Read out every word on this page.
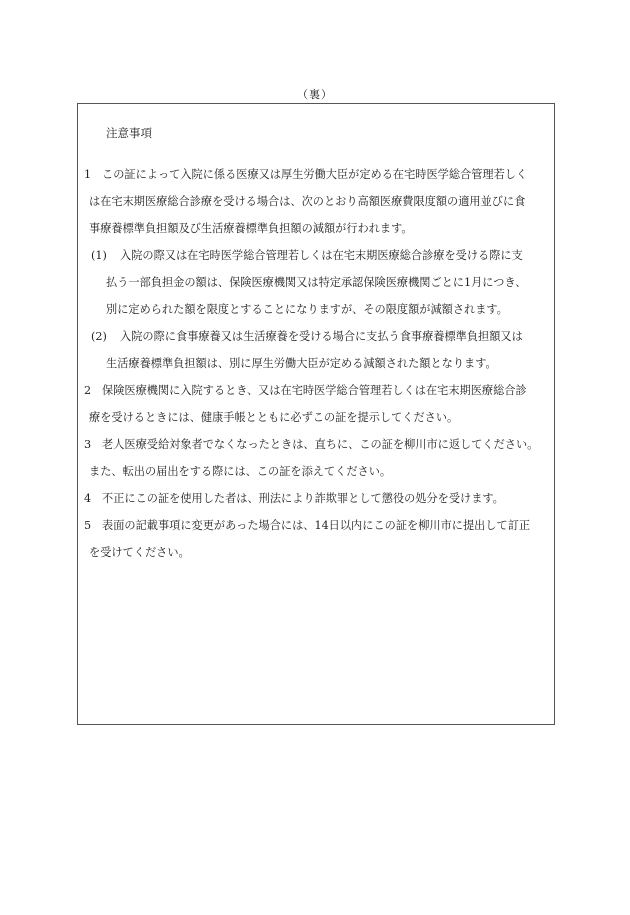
（裏）
注意事項
1 この証によって入院に係る医療又は厚生労働大臣が定める在宅時医学総合管理若しく
は在宅末期医療総合診療を受ける場合は、次のとおり高額医療費限度額の適用並びに食
事療養標準負担額及び生活療養標準負担額の減額が行われます。
(1) 入院の際又は在宅時医学総合管理若しくは在宅末期医療総合診療を受ける際に支
払う一部負担金の額は、保険医療機関又は特定承認保険医療機関ごとに1月につき、
別に定められた額を限度とすることになりますが、その限度額が減額されます。
(2) 入院の際に食事療養又は生活療養を受ける場合に支払う食事療養標準負担額又は
生活療養標準負担額は、別に厚生労働大臣が定める減額された額となります。
2 保険医療機関に入院するとき、又は在宅時医学総合管理若しくは在宅末期医療総合診
療を受けるときには、健康手帳とともに必ずこの証を提示してください。
3 老人医療受給対象者でなくなったときは、直ちに、この証を柳川市に返してください。
また、転出の届出をする際には、この証を添えてください。
4 不正にこの証を使用した者は、刑法により詐欺罪として懲役の処分を受けます。
5 表面の記載事項に変更があった場合には、14日以内にこの証を柳川市に提出して訂正
を受けてください。
